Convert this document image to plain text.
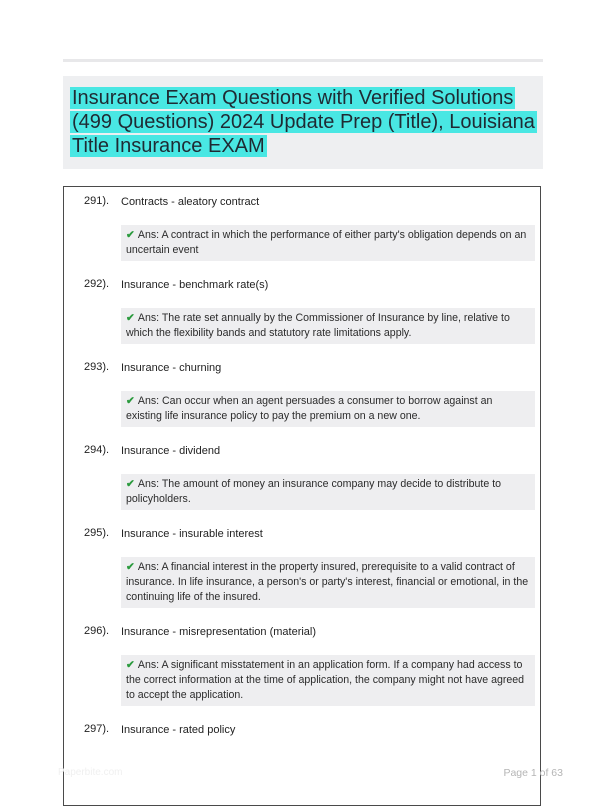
Insurance Exam Questions with Verified Solutions (499 Questions) 2024 Update Prep (Title), Louisiana Title Insurance EXAM
291). Contracts - aleatory contract
✔ Ans: A contract in which the performance of either party's obligation depends on an uncertain event
292). Insurance - benchmark rate(s)
✔ Ans: The rate set annually by the Commissioner of Insurance by line, relative to which the flexibility bands and statutory rate limitations apply.
293). Insurance - churning
✔ Ans: Can occur when an agent persuades a consumer to borrow against an existing life insurance policy to pay the premium on a new one.
294). Insurance - dividend
✔ Ans: The amount of money an insurance company may decide to distribute to policyholders.
295). Insurance - insurable interest
✔ Ans: A financial interest in the property insured, prerequisite to a valid contract of insurance. In life insurance, a person's or party's interest, financial or emotional, in the continuing life of the insured.
296). Insurance - misrepresentation (material)
✔ Ans: A significant misstatement in an application form. If a company had access to the correct information at the time of application, the company might not have agreed to accept the application.
297). Insurance - rated policy
Paperbite.com	Page 1 of 63
